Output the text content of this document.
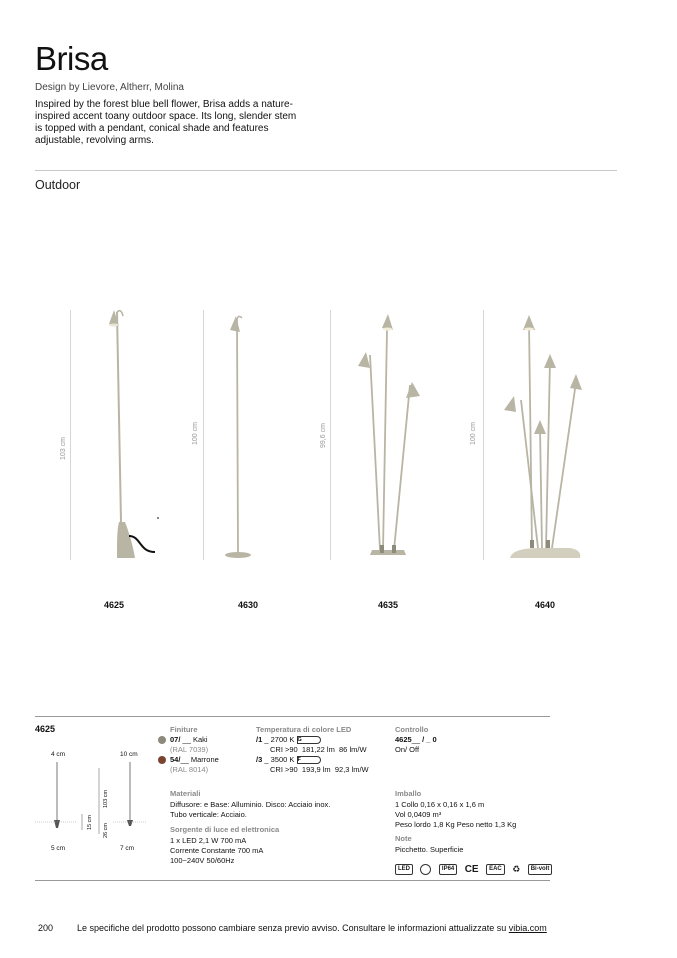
Brisa
Design by Lievore, Altherr, Molina
Inspired by the forest blue bell flower, Brisa adds a nature-inspired accent toany outdoor space. Its long, slender stem is topped with a pendant, conical shade and features adjustable, revolving arms.
Outdoor
103 cm
100 cm	99,6 cm	100 cm
4625	4630	4635	4640
4625
4 cm	10 cm
15 cm
26 cm
103 cm
5 cm	7 cm
Finiture
07/ __ Kaki
(RAL 7039)
54/__ Marrone
(RAL 8014)
Temperatura di colore LED
/1 _ 2700 K G
CRI >90 181,22 lm 86 lm/W
/3 _ 3500 K F
CRI >90 193,9 lm 92,3 lm/W
Controllo
4625__ / _ 0
On/ Off
Materiali
Diffusore: e Base: Alluminio. Disco: Acciaio inox.
Tubo verticale: Acciaio.
Sorgente di luce ed elettronica
1 x LED 2,1 W 700 mA
Corrente Constante 700 mA
100~240V 50/60Hz
Imballo
1 Collo 0,16 x 0,16 x 1,6 m
Vol 0,0409 m³
Peso lordo 1,8 Kg Peso netto 1,3 Kg
Note
Picchetto. Superficie
LED	IP64 CE EAC ♻ Bi-volt
200	Le specifiche del prodotto possono cambiare senza previo avviso. Consultare le informazioni attualizzate su vibia.com
